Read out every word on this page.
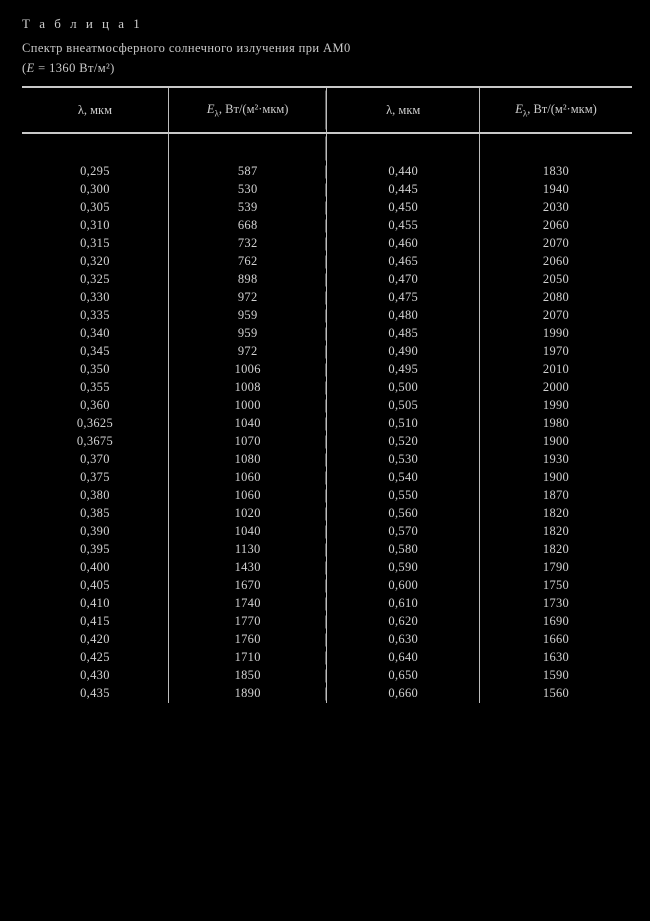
Т а б л и ц а 1
Спектр внеатмосферного солнечного излучения при АМ0
(E = 1360 Вт/м²)
λ, мкм	$E_\lambda$, Вт/(м²·мкм)	λ, мкм	$E_\lambda$, Вт/(м²·мкм)

0,295	587	0,440	1830
0,300	530	0,445	1940
0,305	539	0,450	2030
0,310	668	0,455	2060
0,315	732	0,460	2070
0,320	762	0,465	2060
0,325	898	0,470	2050
0,330	972	0,475	2080
0,335	959	0,480	2070
0,340	959	0,485	1990
0,345	972	0,490	1970
0,350	1006	0,495	2010
0,355	1008	0,500	2000
0,360	1000	0,505	1990
0,3625	1040	0,510	1980
0,3675	1070	0,520	1900
0,370	1080	0,530	1930
0,375	1060	0,540	1900
0,380	1060	0,550	1870
0,385	1020	0,560	1820
0,390	1040	0,570	1820
0,395	1130	0,580	1820
0,400	1430	0,590	1790
0,405	1670	0,600	1750
0,410	1740	0,610	1730
0,415	1770	0,620	1690
0,420	1760	0,630	1660
0,425	1710	0,640	1630
0,430	1850	0,650	1590
0,435	1890	0,660	1560
